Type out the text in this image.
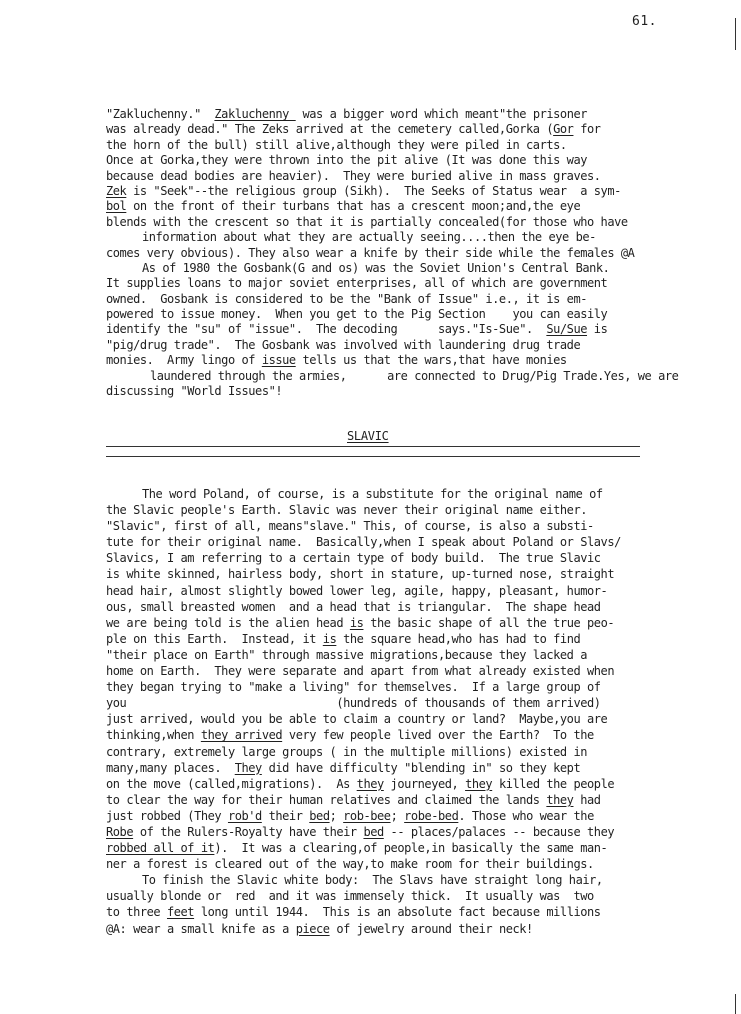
61.
"Zakluchenny."  Zakluchenny  was a bigger word which meant"the prisoner
was already dead." The Zeks arrived at the cemetery called,Gorka (Gor for
the horn of the bull) still alive,although they were piled in carts.
Once at Gorka,they were thrown into the pit alive (It was done this way
because dead bodies are heavier).  They were buried alive in mass graves.
Zek is "Seek"--the religious group (Sikh).  The Seeks of Status wear  a sym-
bol on the front of their turbans that has a crescent moon;and,the eye
blends with the crescent so that it is partially concealed(for those who have
information about what they are actually seeing....then the eye be-
comes very obvious). They also wear a knife by their side while the females @A
As of 1980 the Gosbank(G and os) was the Soviet Union's Central Bank.
It supplies loans to major soviet enterprises, all of which are government
owned.  Gosbank is considered to be the "Bank of Issue" i.e., it is em-
powered to issue money.  When you get to the Pig Section    you can easily
identify the "su" of "issue".  The decoding      says."Is-Sue".  Su/Sue is
"pig/drug trade".  The Gosbank was involved with laundering drug trade
monies.  Army lingo of issue tells us that the wars,that have monies
laundered through the armies,      are connected to Drug/Pig Trade.Yes, we are
discussing "World Issues"!
SLAVIC
The word Poland, of course, is a substitute for the original name of
the Slavic people's Earth. Slavic was never their original name either.
"Slavic", first of all, means"slave." This, of course, is also a substi-
tute for their original name.  Basically,when I speak about Poland or Slavs/
Slavics, I am referring to a certain type of body build.  The true Slavic
is white skinned, hairless body, short in stature, up-turned nose, straight
head hair, almost slightly bowed lower leg, agile, happy, pleasant, humor-
ous, small breasted women  and a head that is triangular.  The shape head
we are being told is the alien head is the basic shape of all the true peo-
ple on this Earth.  Instead, it is the square head,who has had to find
"their place on Earth" through massive migrations,because they lacked a
home on Earth.  They were separate and apart from what already existed when
they began trying to "make a living" for themselves.  If a large group of
you                               (hundreds of thousands of them arrived)
just arrived, would you be able to claim a country or land?  Maybe,you are
thinking,when they arrived very few people lived over the Earth?  To the
contrary, extremely large groups ( in the multiple millions) existed in
many,many places.  They did have difficulty "blending in" so they kept
on the move (called,migrations).  As they journeyed, they killed the people
to clear the way for their human relatives and claimed the lands they had
just robbed (They rob'd their bed; rob-bee; robe-bed. Those who wear the
Robe of the Rulers-Royalty have their bed -- places/palaces -- because they
robbed all of it).  It was a clearing,of people,in basically the same man-
ner a forest is cleared out of the way,to make room for their buildings.
To finish the Slavic white body:  The Slavs have straight long hair,
usually blonde or  red  and it was immensely thick.  It usually was  two
to three feet long until 1944.  This is an absolute fact because millions
@A: wear a small knife as a piece of jewelry around their neck!
